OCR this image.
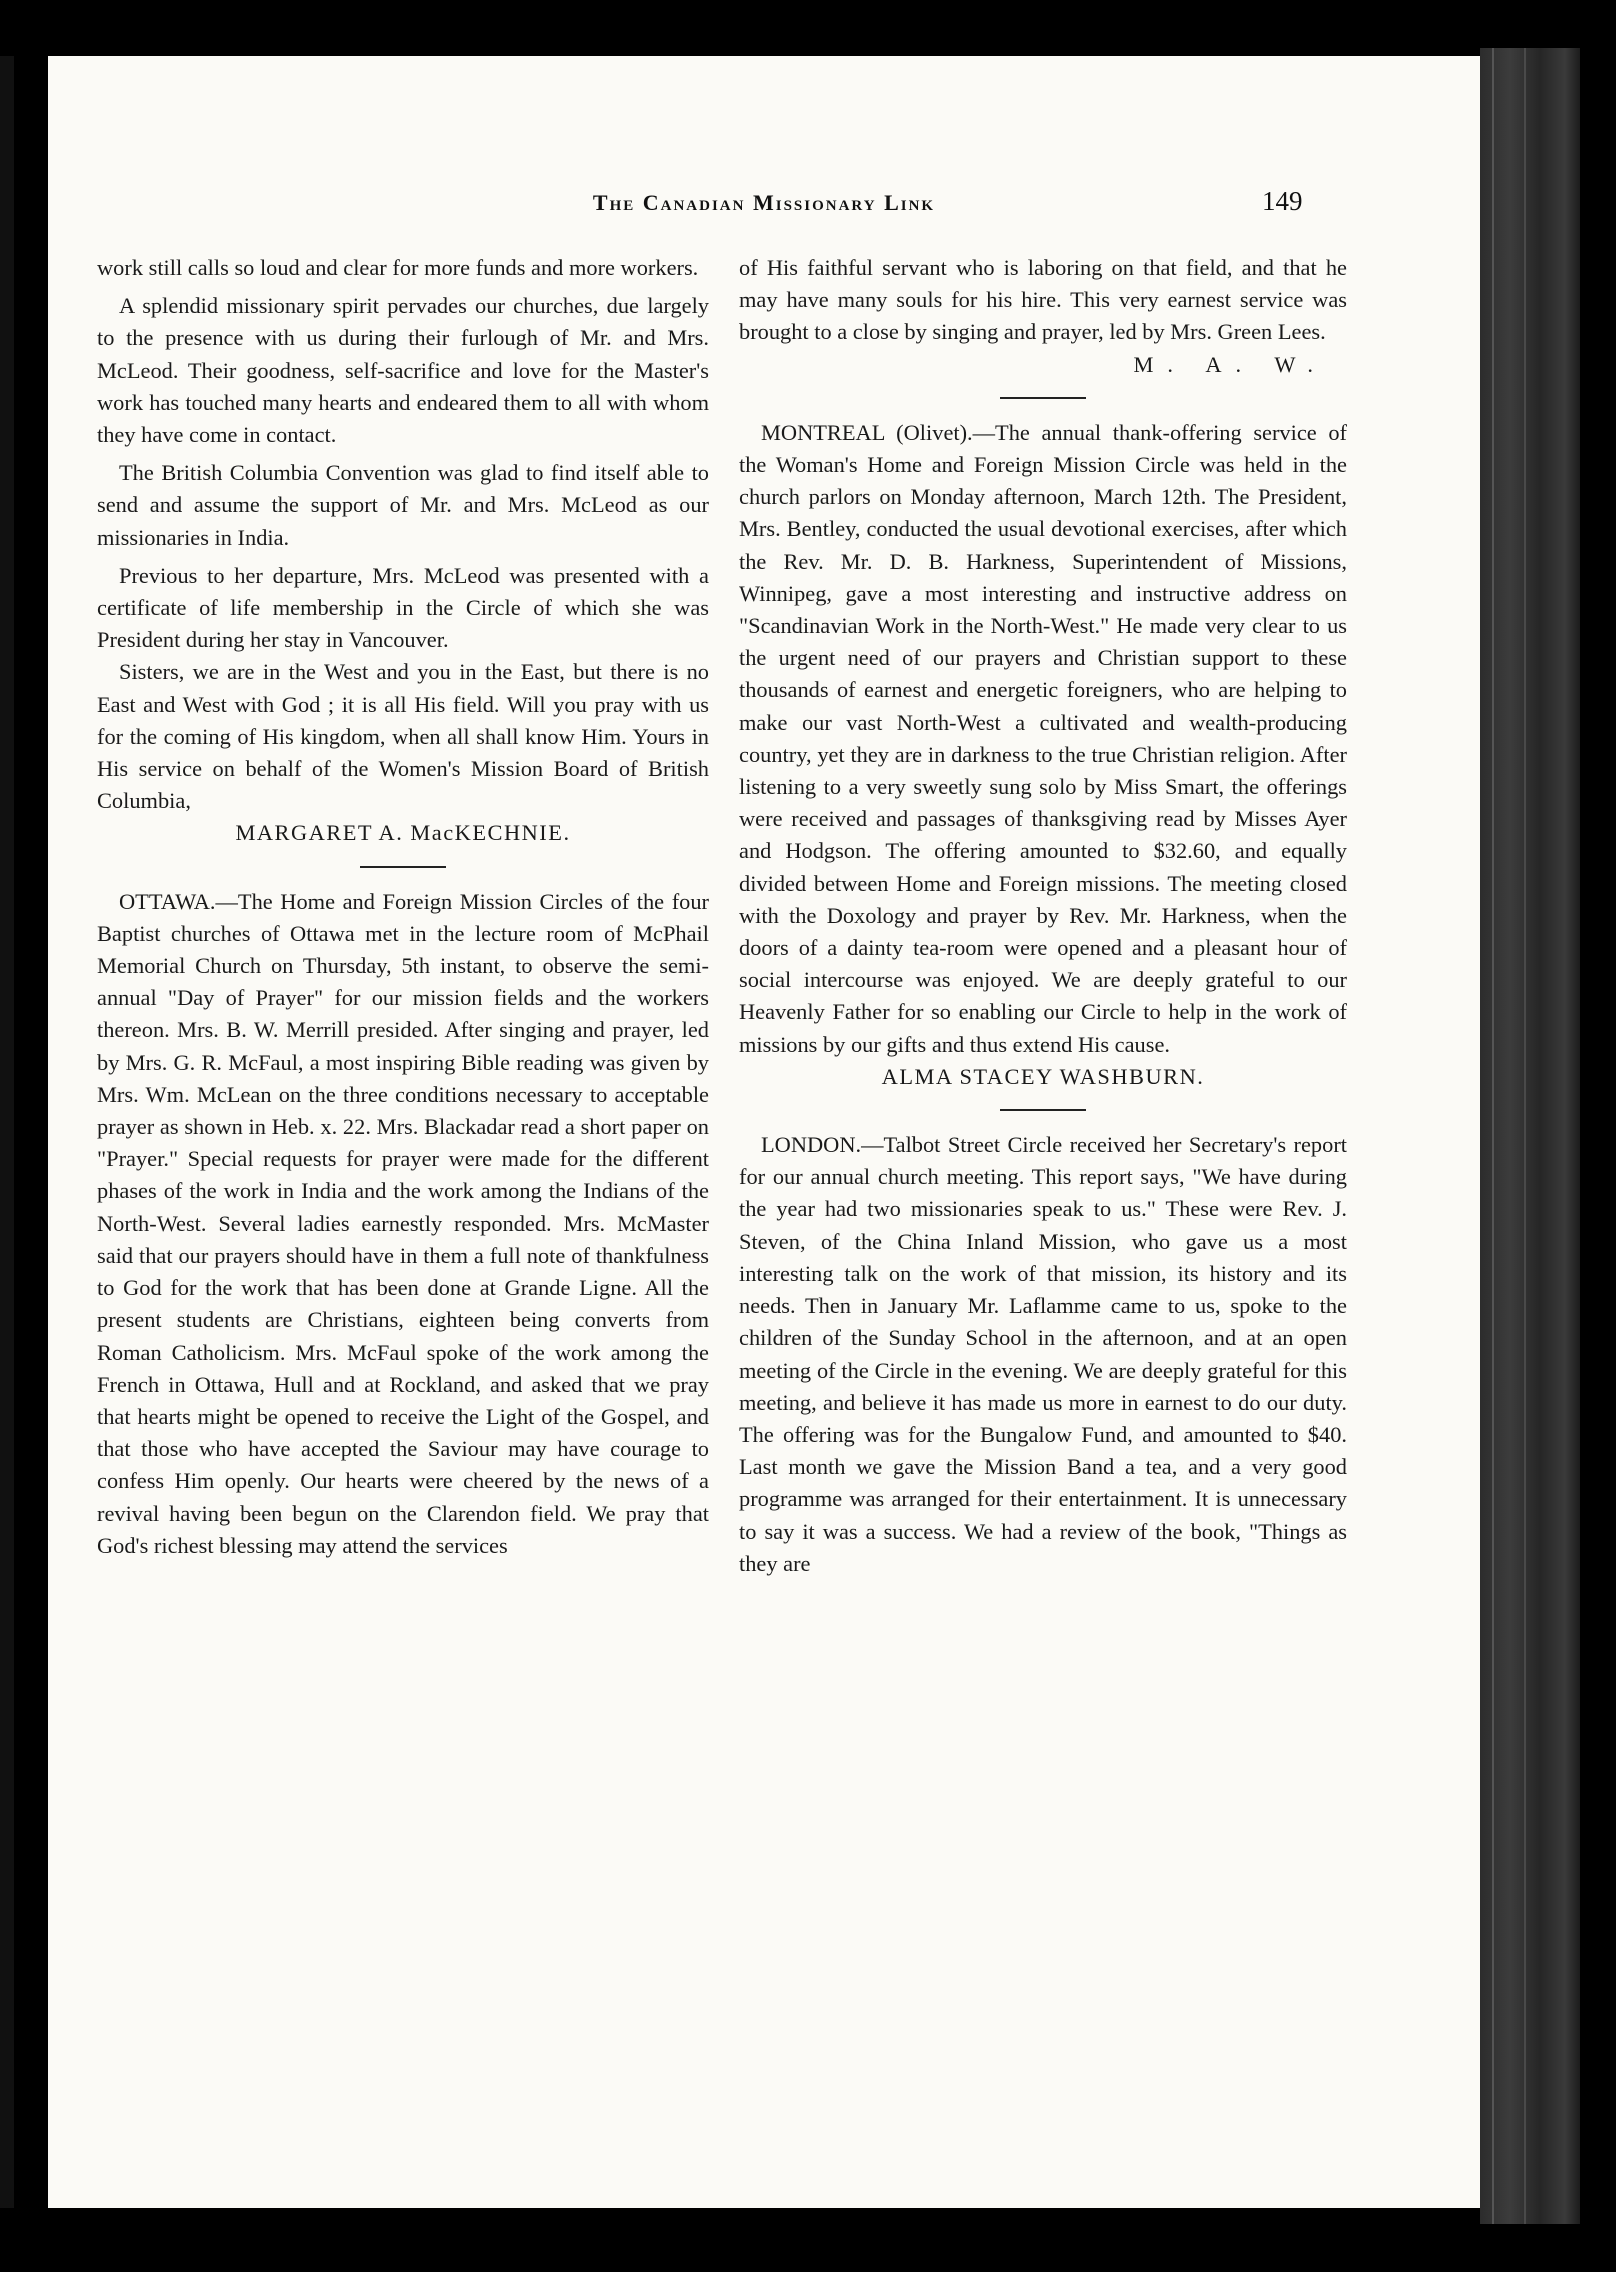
The Canadian Missionary Link	149

work still calls so loud and clear for more funds and more workers.

A splendid missionary spirit pervades our churches, due largely to the presence with us during their furlough of Mr. and Mrs. McLeod. Their goodness, self-sacrifice and love for the Master's work has touched many hearts and endeared them to all with whom they have come in contact.

The British Columbia Convention was glad to find itself able to send and assume the support of Mr. and Mrs. McLeod as our missionaries in India.

Previous to her departure, Mrs. McLeod was presented with a certificate of life membership in the Circle of which she was President during her stay in Vancouver.

Sisters, we are in the West and you in the East, but there is no East and West with God ; it is all His field. Will you pray with us for the coming of His kingdom, when all shall know Him. Yours in His service on behalf of the Women's Mission Board of British Columbia,

MARGARET A. MacKECHNIE.

OTTAWA.—The Home and Foreign Mission Circles of the four Baptist churches of Ottawa met in the lecture room of McPhail Memorial Church on Thursday, 5th instant, to observe the semi-annual "Day of Prayer" for our mission fields and the workers thereon. Mrs. B. W. Merrill presided. After singing and prayer, led by Mrs. G. R. McFaul, a most inspiring Bible reading was given by Mrs. Wm. McLean on the three conditions necessary to acceptable prayer as shown in Heb. x. 22. Mrs. Blackadar read a short paper on "Prayer." Special requests for prayer were made for the different phases of the work in India and the work among the Indians of the North-West. Several ladies earnestly responded. Mrs. McMaster said that our prayers should have in them a full note of thankfulness to God for the work that has been done at Grande Ligne. All the present students are Christians, eighteen being converts from Roman Catholicism. Mrs. McFaul spoke of the work among the French in Ottawa, Hull and at Rockland, and asked that we pray that hearts might be opened to receive the Light of the Gospel, and that those who have accepted the Saviour may have courage to confess Him openly. Our hearts were cheered by the news of a revival having been begun on the Clarendon field. We pray that God's richest blessing may attend the services

of His faithful servant who is laboring on that field, and that he may have many souls for his hire. This very earnest service was brought to a close by singing and prayer, led by Mrs. Green Lees.

M. A. W.

MONTREAL (Olivet).—The annual thank-offering service of the Woman's Home and Foreign Mission Circle was held in the church parlors on Monday afternoon, March 12th. The President, Mrs. Bentley, conducted the usual devotional exercises, after which the Rev. Mr. D. B. Harkness, Superintendent of Missions, Winnipeg, gave a most interesting and instructive address on "Scandinavian Work in the North-West." He made very clear to us the urgent need of our prayers and Christian support to these thousands of earnest and energetic foreigners, who are helping to make our vast North-West a cultivated and wealth-producing country, yet they are in darkness to the true Christian religion. After listening to a very sweetly sung solo by Miss Smart, the offerings were received and passages of thanksgiving read by Misses Ayer and Hodgson. The offering amounted to $32.60, and equally divided between Home and Foreign missions. The meeting closed with the Doxology and prayer by Rev. Mr. Harkness, when the doors of a dainty tea-room were opened and a pleasant hour of social intercourse was enjoyed. We are deeply grateful to our Heavenly Father for so enabling our Circle to help in the work of missions by our gifts and thus extend His cause.

ALMA STACEY WASHBURN.

LONDON.—Talbot Street Circle received her Secretary's report for our annual church meeting. This report says, "We have during the year had two missionaries speak to us." These were Rev. J. Steven, of the China Inland Mission, who gave us a most interesting talk on the work of that mission, its history and its needs. Then in January Mr. Laflamme came to us, spoke to the children of the Sunday School in the afternoon, and at an open meeting of the Circle in the evening. We are deeply grateful for this meeting, and believe it has made us more in earnest to do our duty. The offering was for the Bungalow Fund, and amounted to $40. Last month we gave the Mission Band a tea, and a very good programme was arranged for their entertainment. It is unnecessary to say it was a success. We had a review of the book, "Things as they are
